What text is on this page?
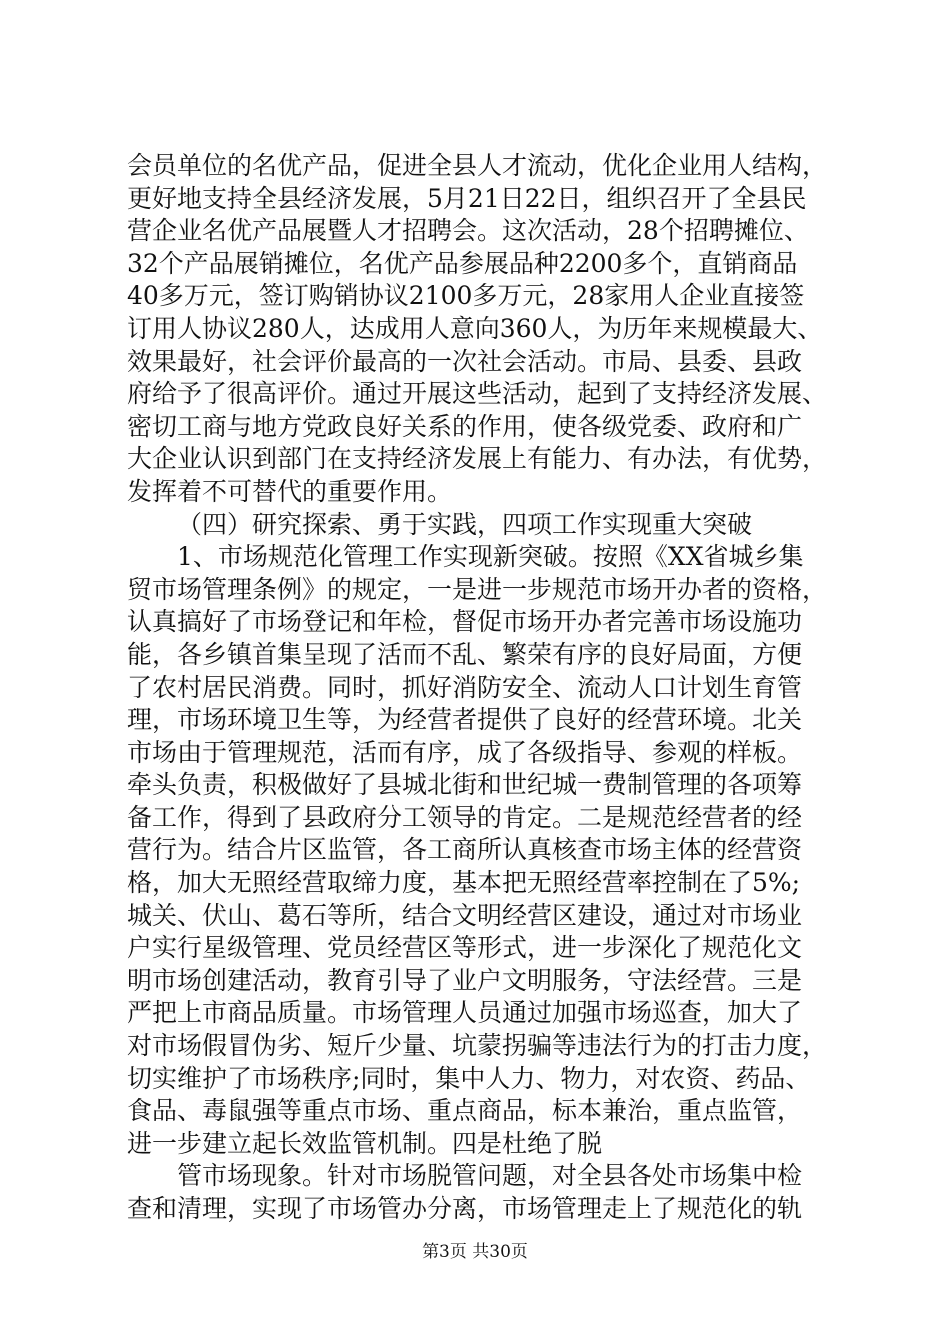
会员单位的名优产品，促进全县人才流动，优化企业用人结构，
更好地支持全县经济发展，5月21日22日，组织召开了全县民
营企业名优产品展暨人才招聘会。这次活动，28个招聘摊位、
32个产品展销摊位，名优产品参展品种2200多个，直销商品
40多万元，签订购销协议2100多万元，28家用人企业直接签
订用人协议280人，达成用人意向360人，为历年来规模最大、
效果最好，社会评价最高的一次社会活动。市局、县委、县政
府给予了很高评价。通过开展这些活动，起到了支持经济发展、
密切工商与地方党政良好关系的作用，使各级党委、政府和广
大企业认识到部门在支持经济发展上有能力、有办法，有优势，
发挥着不可替代的重要作用。
（四）研究探索、勇于实践，四项工作实现重大突破
1、市场规范化管理工作实现新突破。按照《XX省城乡集
贸市场管理条例》的规定，一是进一步规范市场开办者的资格，
认真搞好了市场登记和年检，督促市场开办者完善市场设施功
能，各乡镇首集呈现了活而不乱、繁荣有序的良好局面，方便
了农村居民消费。同时，抓好消防安全、流动人口计划生育管
理，市场环境卫生等，为经营者提供了良好的经营环境。北关
市场由于管理规范，活而有序，成了各级指导、参观的样板。
牵头负责，积极做好了县城北街和世纪城一费制管理的各项筹
备工作，得到了县政府分工领导的肯定。二是规范经营者的经
营行为。结合片区监管，各工商所认真核查市场主体的经营资
格，加大无照经营取缔力度，基本把无照经营率控制在了5%;
城关、伏山、葛石等所，结合文明经营区建设，通过对市场业
户实行星级管理、党员经营区等形式，进一步深化了规范化文
明市场创建活动，教育引导了业户文明服务，守法经营。三是
严把上市商品质量。市场管理人员通过加强市场巡查，加大了
对市场假冒伪劣、短斤少量、坑蒙拐骗等违法行为的打击力度，
切实维护了市场秩序;同时，集中人力、物力，对农资、药品、
食品、毒鼠强等重点市场、重点商品，标本兼治，重点监管，
进一步建立起长效监管机制。四是杜绝了脱
管市场现象。针对市场脱管问题，对全县各处市场集中检
查和清理，实现了市场管办分离，市场管理走上了规范化的轨
第3页 共30页
